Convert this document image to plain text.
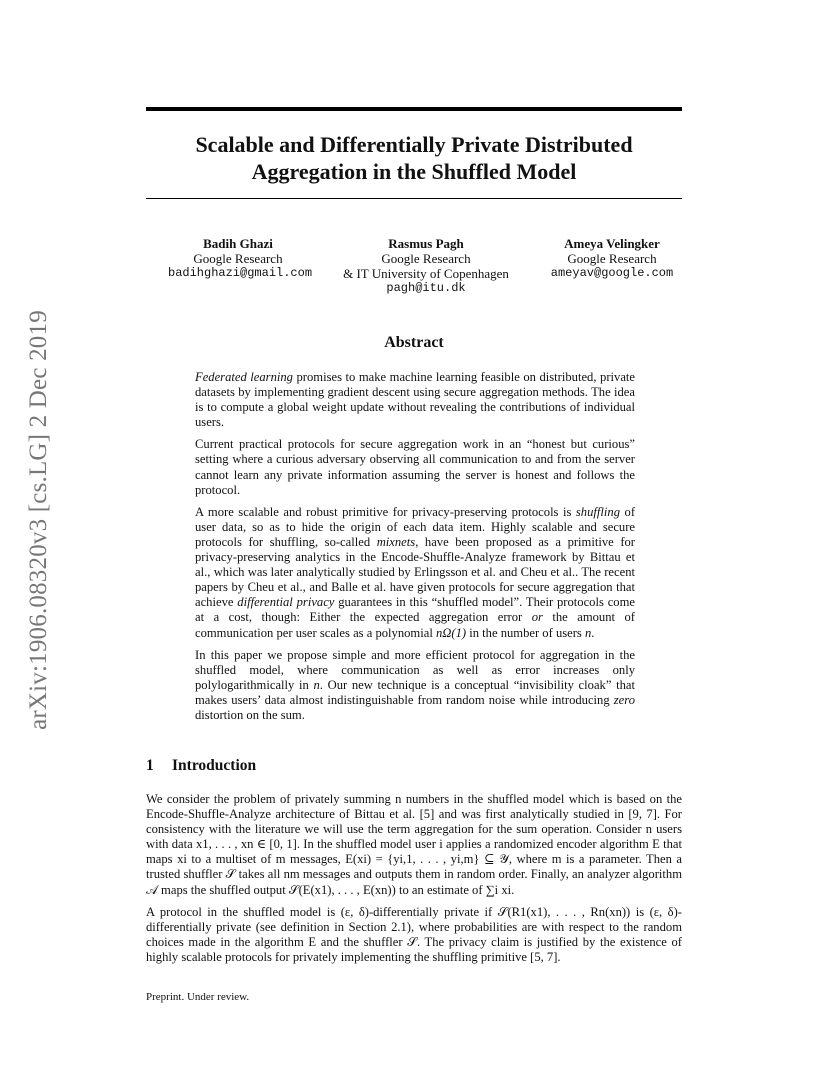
arXiv:1906.08320v3 [cs.LG] 2 Dec 2019
Scalable and Differentially Private Distributed
Aggregation in the Shuffled Model
Badih Ghazi
Google Research
badihghazi@gmail.com
Rasmus Pagh
Google Research
& IT University of Copenhagen
pagh@itu.dk
Ameya Velingker
Google Research
ameyav@google.com
Abstract

Federated learning promises to make machine learning feasible on distributed, private datasets by implementing gradient descent using secure aggregation methods. The idea is to compute a global weight update without revealing the contributions of individual users.

Current practical protocols for secure aggregation work in an “honest but curious” setting where a curious adversary observing all communication to and from the server cannot learn any private information assuming the server is honest and follows the protocol.

A more scalable and robust primitive for privacy-preserving protocols is shuffling of user data, so as to hide the origin of each data item. Highly scalable and secure protocols for shuffling, so-called mixnets, have been proposed as a primitive for privacy-preserving analytics in the Encode-Shuffle-Analyze framework by Bittau et al., which was later analytically studied by Erlingsson et al. and Cheu et al.. The recent papers by Cheu et al., and Balle et al. have given protocols for secure aggregation that achieve differential privacy guarantees in this “shuffled model”. Their protocols come at a cost, though: Either the expected aggregation error or the amount of communication per user scales as a polynomial nΩ(1) in the number of users n.

In this paper we propose simple and more efficient protocol for aggregation in the shuffled model, where communication as well as error increases only polylogarithmically in n. Our new technique is a conceptual “invisibility cloak” that makes users’ data almost indistinguishable from random noise while introducing zero distortion on the sum.

1 Introduction

We consider the problem of privately summing n numbers in the shuffled model which is based on the Encode-Shuffle-Analyze architecture of Bittau et al. [5] and was first analytically studied in [9, 7]. For consistency with the literature we will use the term aggregation for the sum operation. Consider n users with data x1, . . . , xn ∈ [0, 1]. In the shuffled model user i applies a randomized encoder algorithm E that maps xi to a multiset of m messages, E(xi) = {yi,1, . . . , yi,m} ⊆ 𝒴, where m is a parameter. Then a trusted shuffler 𝒮 takes all nm messages and outputs them in random order. Finally, an analyzer algorithm 𝒜 maps the shuffled output 𝒮(E(x1), . . . , E(xn)) to an estimate of ∑i xi.

A protocol in the shuffled model is (ε, δ)-differentially private if 𝒮(R1(x1), . . . , Rn(xn)) is (ε, δ)-differentially private (see definition in Section 2.1), where probabilities are with respect to the random choices made in the algorithm E and the shuffler 𝒮. The privacy claim is justified by the existence of highly scalable protocols for privately implementing the shuffling primitive [5, 7].

Preprint. Under review.
